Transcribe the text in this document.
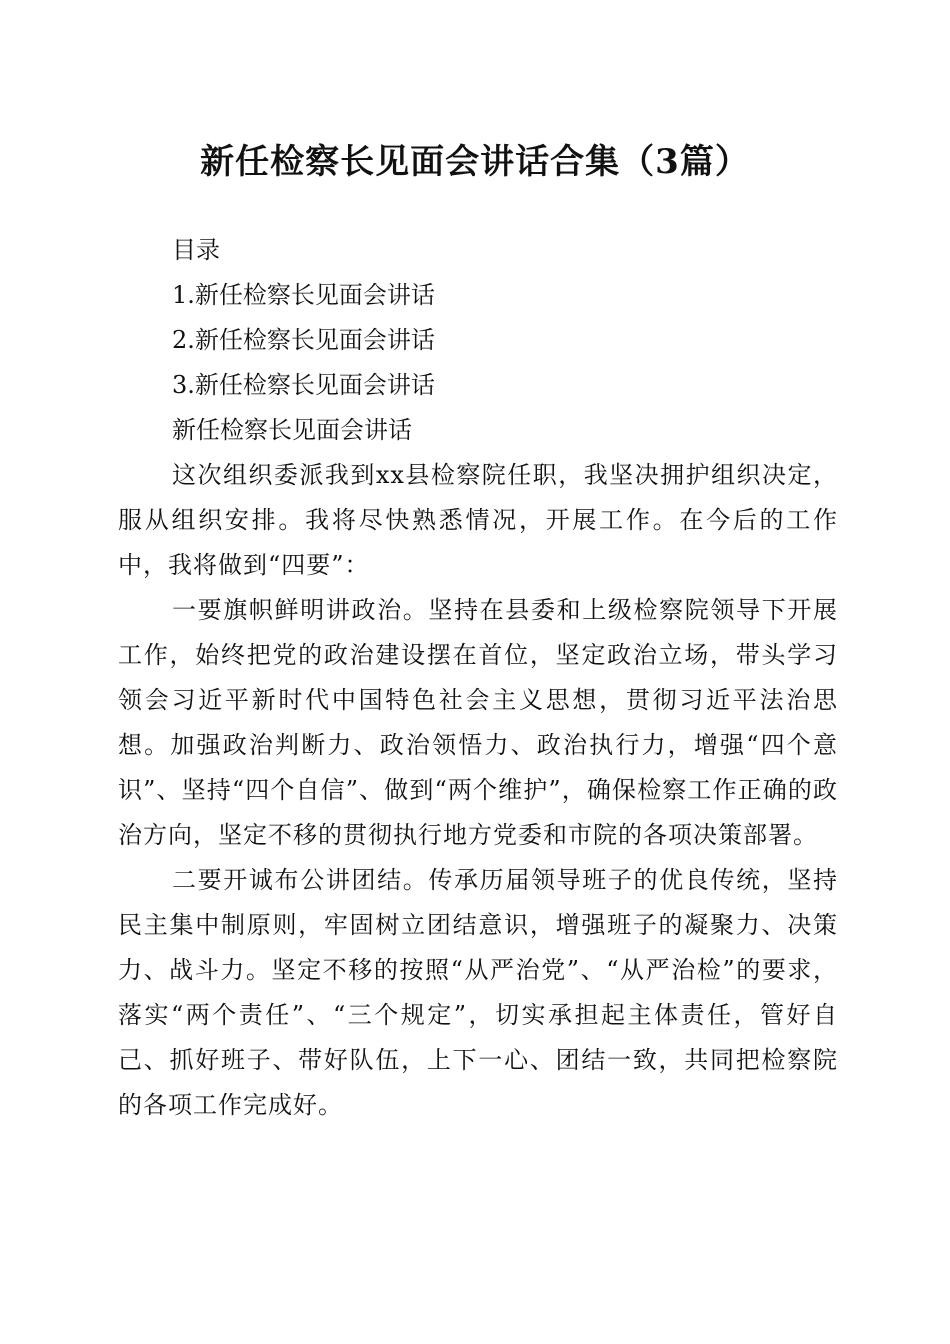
新任检察长见面会讲话合集（3篇）

目录

1.新任检察长见面会讲话

2.新任检察长见面会讲话

3.新任检察长见面会讲话

新任检察长见面会讲话

这次组织委派我到xx县检察院任职，我坚决拥护组织决定，服从组织安排。我将尽快熟悉情况，开展工作。在今后的工作中，我将做到“四要”：

一要旗帜鲜明讲政治。坚持在县委和上级检察院领导下开展工作，始终把党的政治建设摆在首位，坚定政治立场，带头学习领会习近平新时代中国特色社会主义思想，贯彻习近平法治思想。加强政治判断力、政治领悟力、政治执行力，增强“四个意识”、坚持“四个自信”、做到“两个维护”，确保检察工作正确的政治方向，坚定不移的贯彻执行地方党委和市院的各项决策部署。

二要开诚布公讲团结。传承历届领导班子的优良传统，坚持民主集中制原则，牢固树立团结意识，增强班子的凝聚力、决策力、战斗力。坚定不移的按照“从严治党”、“从严治检”的要求，落实“两个责任”、“三个规定”，切实承担起主体责任，管好自己、抓好班子、带好队伍，上下一心、团结一致，共同把检察院的各项工作完成好。
